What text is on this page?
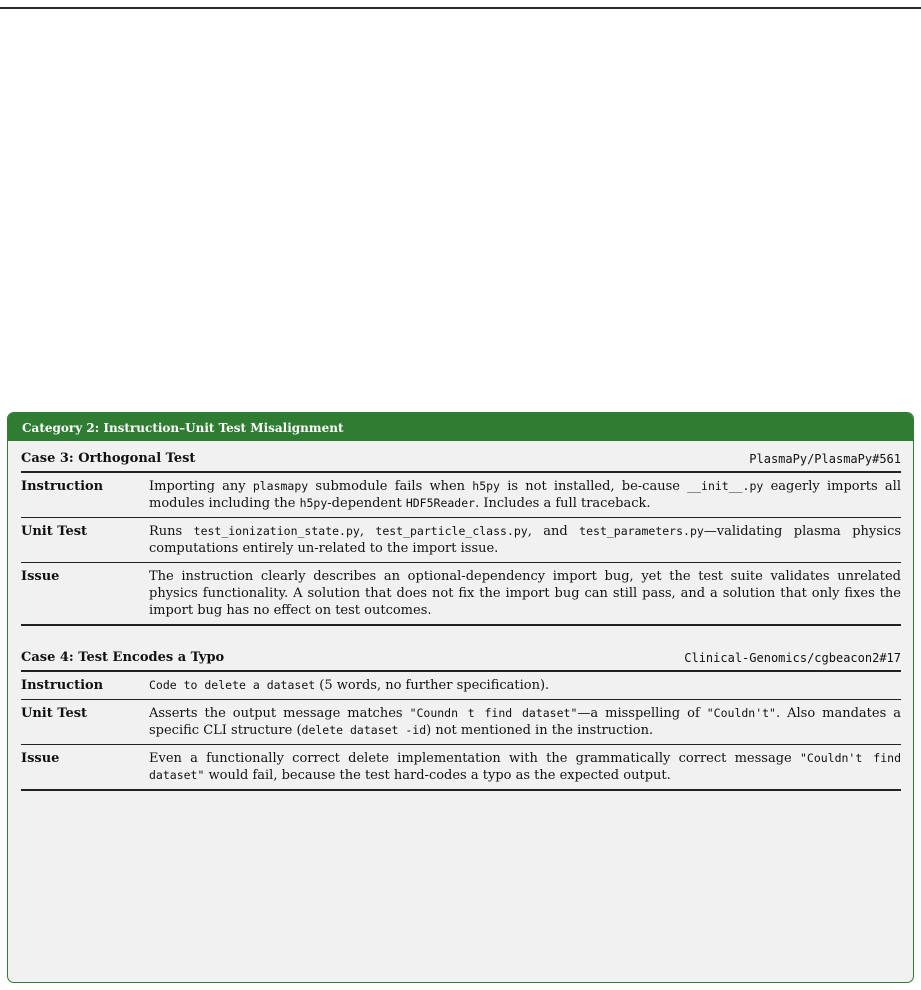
Category 2: Instruction–Unit Test Misalignment
Case 3: Orthogonal Test	PlasmaPy/PlasmaPy#561
Instruction	Importing any plasmapy submodule fails when h5py is not installed, be-cause __init__.py eagerly imports all modules including the h5py-dependent HDF5Reader. Includes a full traceback.
Unit Test	Runs test_ionization_state.py, test_particle_class.py, and test_parameters.py—validating plasma physics computations entirely un-related to the import issue.
Issue	The instruction clearly describes an optional-dependency import bug, yet the test suite validates unrelated physics functionality. A solution that does not fix the import bug can still pass, and a solution that only fixes the import bug has no effect on test outcomes.
Case 4: Test Encodes a Typo	Clinical-Genomics/cgbeacon2#17
Instruction	Code to delete a dataset (5 words, no further specification).
Unit Test	Asserts the output message matches "Coundn t find dataset"—a misspelling of "Couldn't". Also mandates a specific CLI structure (delete dataset -id) not mentioned in the instruction.
Issue	Even a functionally correct delete implementation with the grammatically correct message "Couldn't find dataset" would fail, because the test hard-codes a typo as the expected output.
